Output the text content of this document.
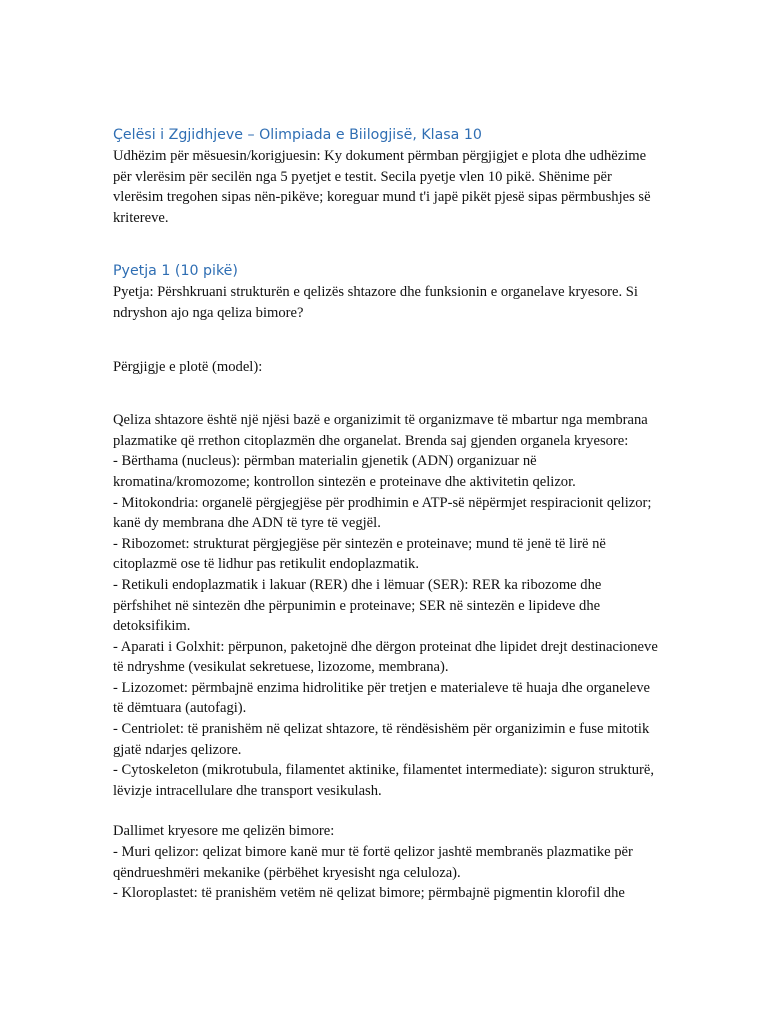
Çelësi i Zgjidhjeve – Olimpiada e Biilogjisë, Klasa 10

Udhëzim për mësuesin/korigjuesin: Ky dokument përmban përgjigjet e plota dhe udhëzime për vlerësim për secilën nga 5 pyetjet e testit. Secila pyetje vlen 10 pikë. Shënime për vlerësim tregohen sipas nën-pikëve; koreguar mund t'i japë pikët pjesë sipas përmbushjes së kritereve.

Pyetja 1 (10 pikë)

Pyetja: Përshkruani strukturën e qelizës shtazore dhe funksionin e organelave kryesore. Si ndryshon ajo nga qeliza bimore?

Përgjigje e plotë (model):

Qeliza shtazore është një njësi bazë e organizimit të organizmave të mbartur nga membrana plazmatike që rrethon citoplazmën dhe organelat. Brenda saj gjenden organela kryesore:

- Bërthama (nucleus): përmban materialin gjenetik (ADN) organizuar në kromatina/kromozome; kontrollon sintezën e proteinave dhe aktivitetin qelizor.
- Mitokondria: organelë përgjegjëse për prodhimin e ATP-së nëpërmjet respiracionit qelizor; kanë dy membrana dhe ADN të tyre të vegjël.
- Ribozomet: strukturat përgjegjëse për sintezën e proteinave; mund të jenë të lirë në citoplazmë ose të lidhur pas retikulit endoplazmatik.
- Retikuli endoplazmatik i lakuar (RER) dhe i lëmuar (SER): RER ka ribozome dhe përfshihet në sintezën dhe përpunimin e proteinave; SER në sintezën e lipideve dhe detoksifikim.
- Aparati i Golxhit: përpunon, paketojnë dhe dërgon proteinat dhe lipidet drejt destinacioneve të ndryshme (vesikulat sekretuese, lizozome, membrana).
- Lizozomet: përmbajnë enzima hidrolitike për tretjen e materialeve të huaja dhe organeleve të dëmtuara (autofagi).
- Centriolet: të pranishëm në qelizat shtazore, të rëndësishëm për organizimin e fuse mitotik gjatë ndarjes qelizore.
- Cytoskeleton (mikrotubula, filamentet aktinike, filamentet intermediate): siguron strukturë, lëvizje intracellulare dhe transport vesikulash.

Dallimet kryesore me qelizën bimore:

- Muri qelizor: qelizat bimore kanë mur të fortë qelizor jashtë membranës plazmatike për qëndrueshmëri mekanike (përbëhet kryesisht nga celuloza).
- Kloroplastet: të pranishëm vetëm në qelizat bimore; përmbajnë pigmentin klorofil dhe
